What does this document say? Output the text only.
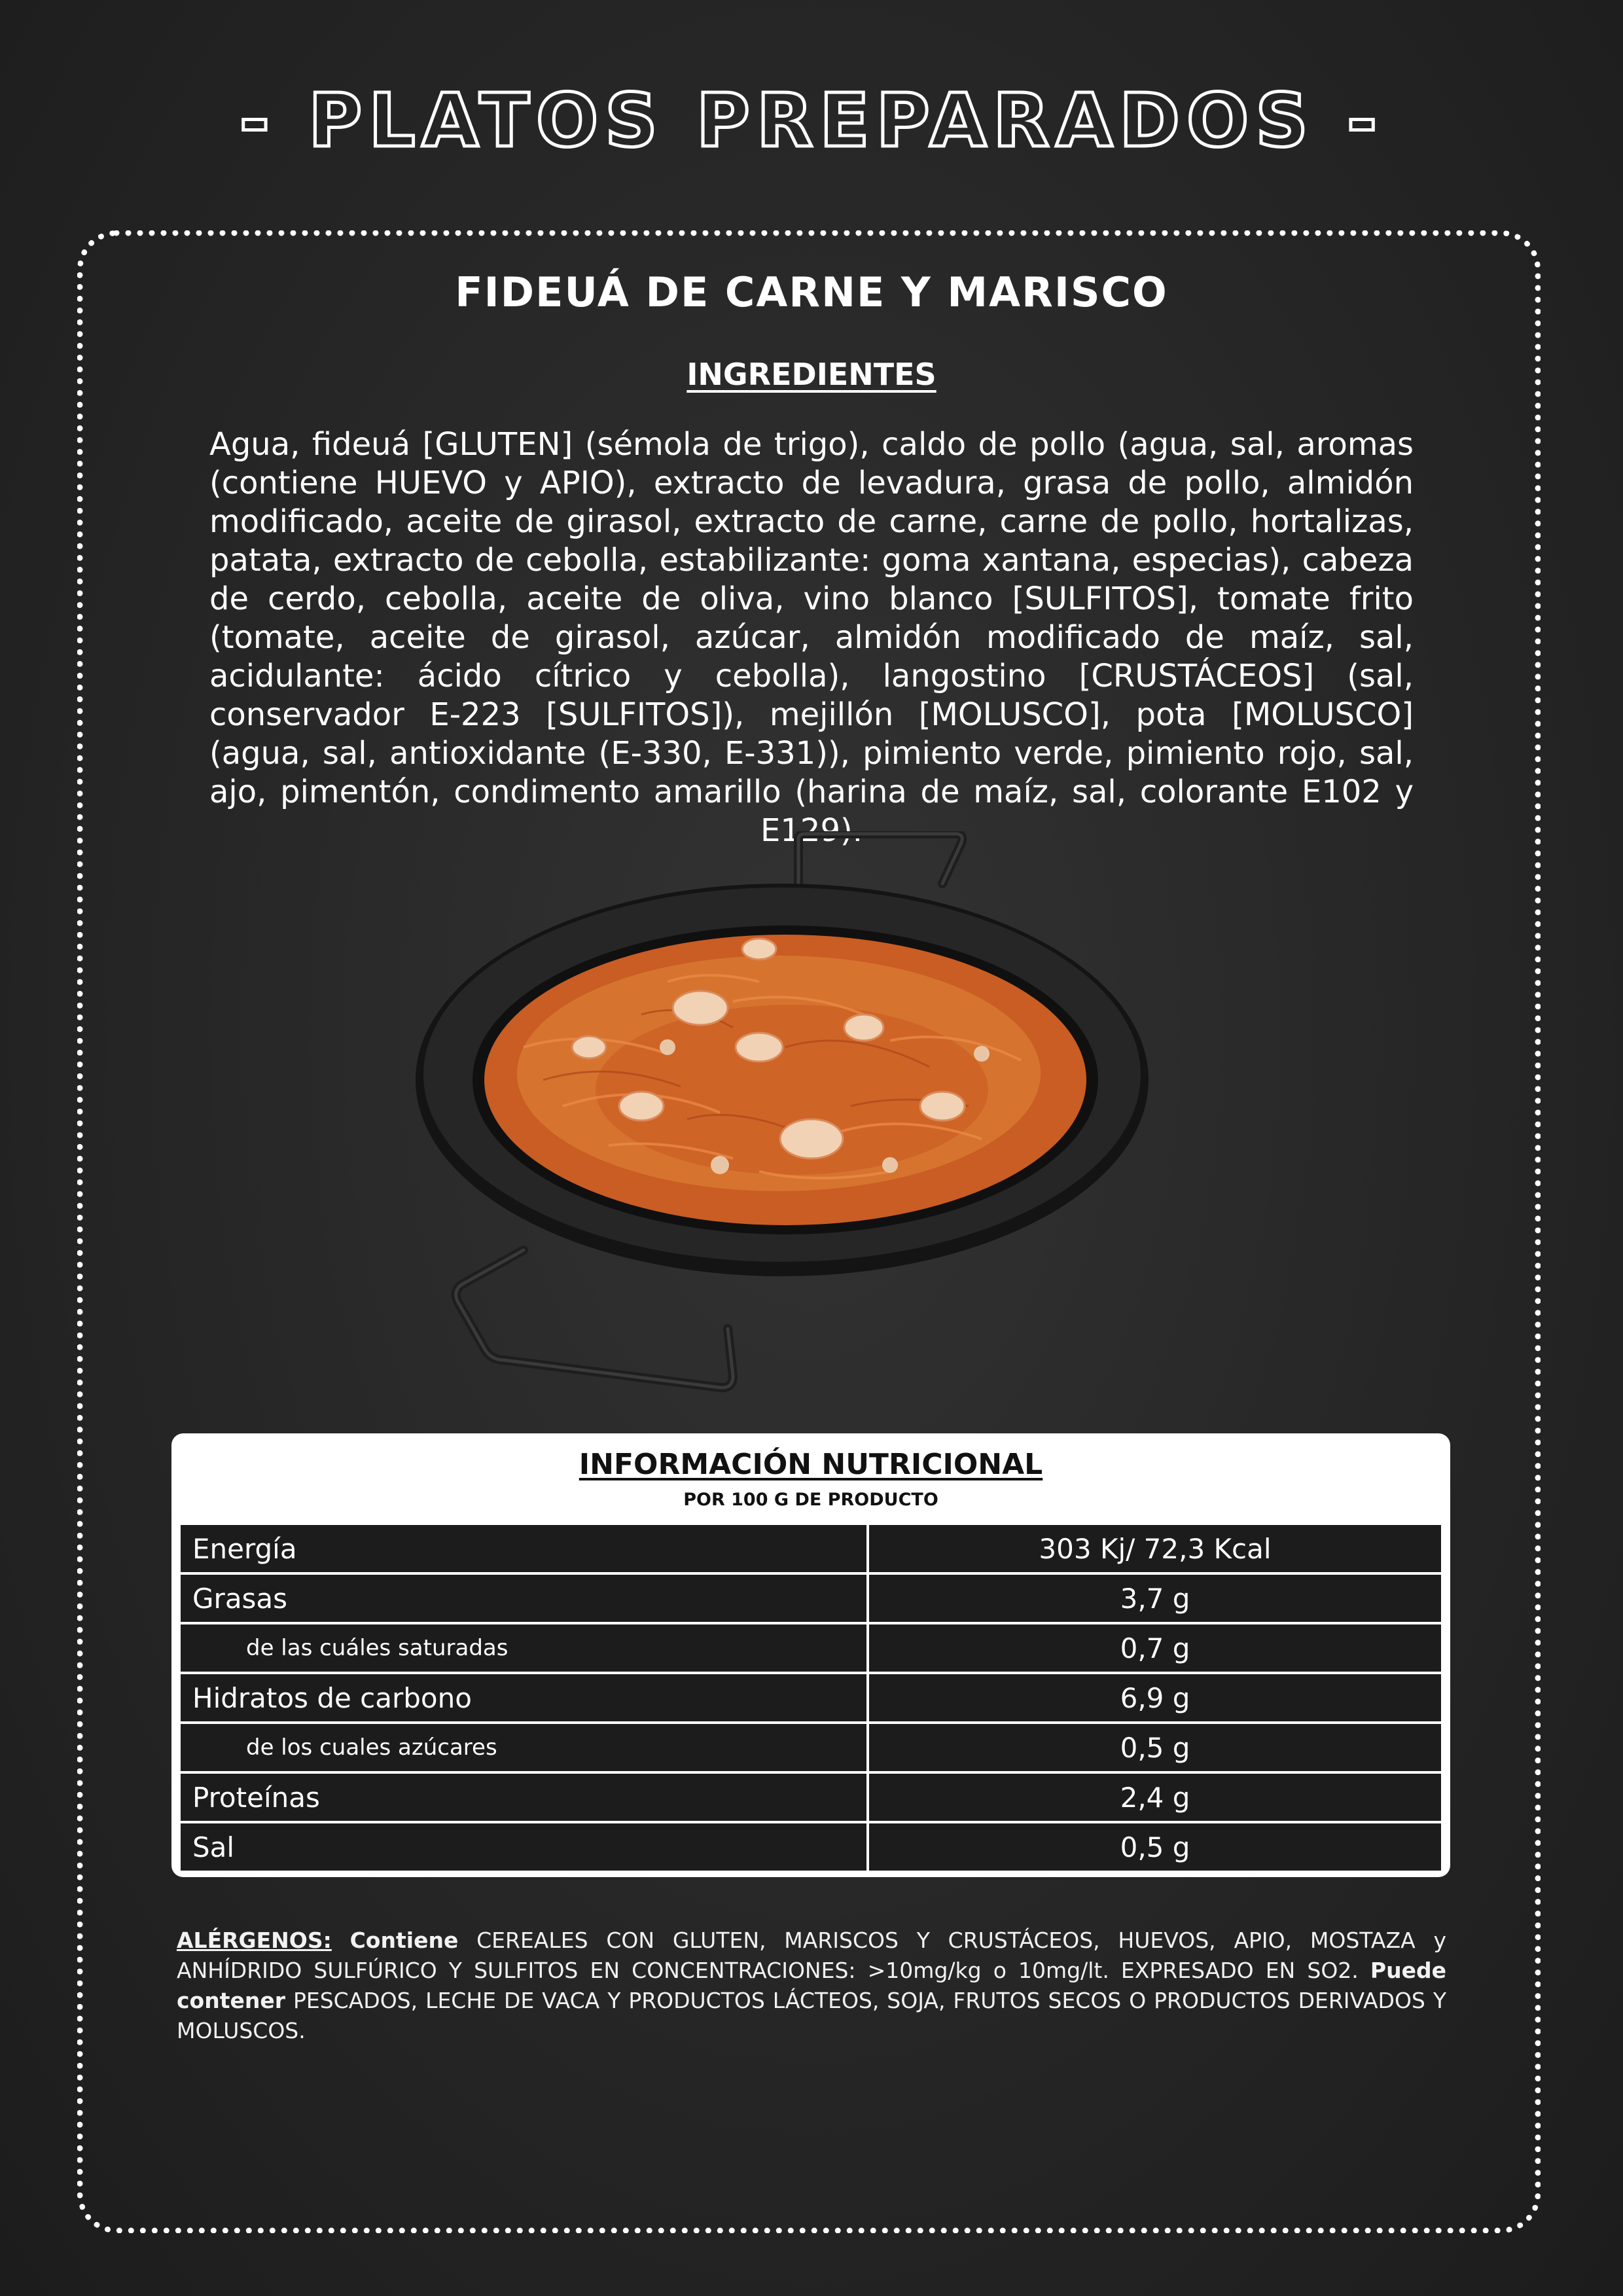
- PLATOS PREPARADOS -
FIDEUÁ DE CARNE Y MARISCO
INGREDIENTES
Agua, fideuá [GLUTEN] (sémola de trigo), caldo de pollo (agua, sal, aromas (contiene HUEVO y APIO), extracto de levadura, grasa de pollo, almidón modificado, aceite de girasol, extracto de carne, carne de pollo, hortalizas, patata, extracto de cebolla, estabilizante: goma xantana, especias), cabeza de cerdo, cebolla, aceite de oliva, vino blanco [SULFITOS], tomate frito (tomate, aceite de girasol, azúcar, almidón modificado de maíz, sal, acidulante: ácido cítrico y cebolla), langostino [CRUSTÁCEOS] (sal, conservador E-223 [SULFITOS]), mejillón [MOLUSCO], pota [MOLUSCO] (agua, sal, antioxidante (E-330, E-331)), pimiento verde, pimiento rojo, sal, ajo, pimentón, condimento amarillo (harina de maíz, sal, colorante E102 y E129).
INFORMACIÓN NUTRICIONAL
POR 100 G DE PRODUCTO
Energía	303 Kj/ 72,3 Kcal
Grasas	3,7 g
de las cuáles saturadas	0,7 g
Hidratos de carbono	6,9 g
de los cuales azúcares	0,5 g
Proteínas	2,4 g
Sal	0,5 g
ALÉRGENOS: Contiene CEREALES CON GLUTEN, MARISCOS Y CRUSTÁCEOS, HUEVOS, APIO, MOSTAZA y ANHÍDRIDO SULFÚRICO Y SULFITOS EN CONCENTRACIONES: >10mg/kg o 10mg/lt. EXPRESADO EN SO2. Puede contener PESCADOS, LECHE DE VACA Y PRODUCTOS LÁCTEOS, SOJA, FRUTOS SECOS O PRODUCTOS DERIVADOS Y MOLUSCOS.
